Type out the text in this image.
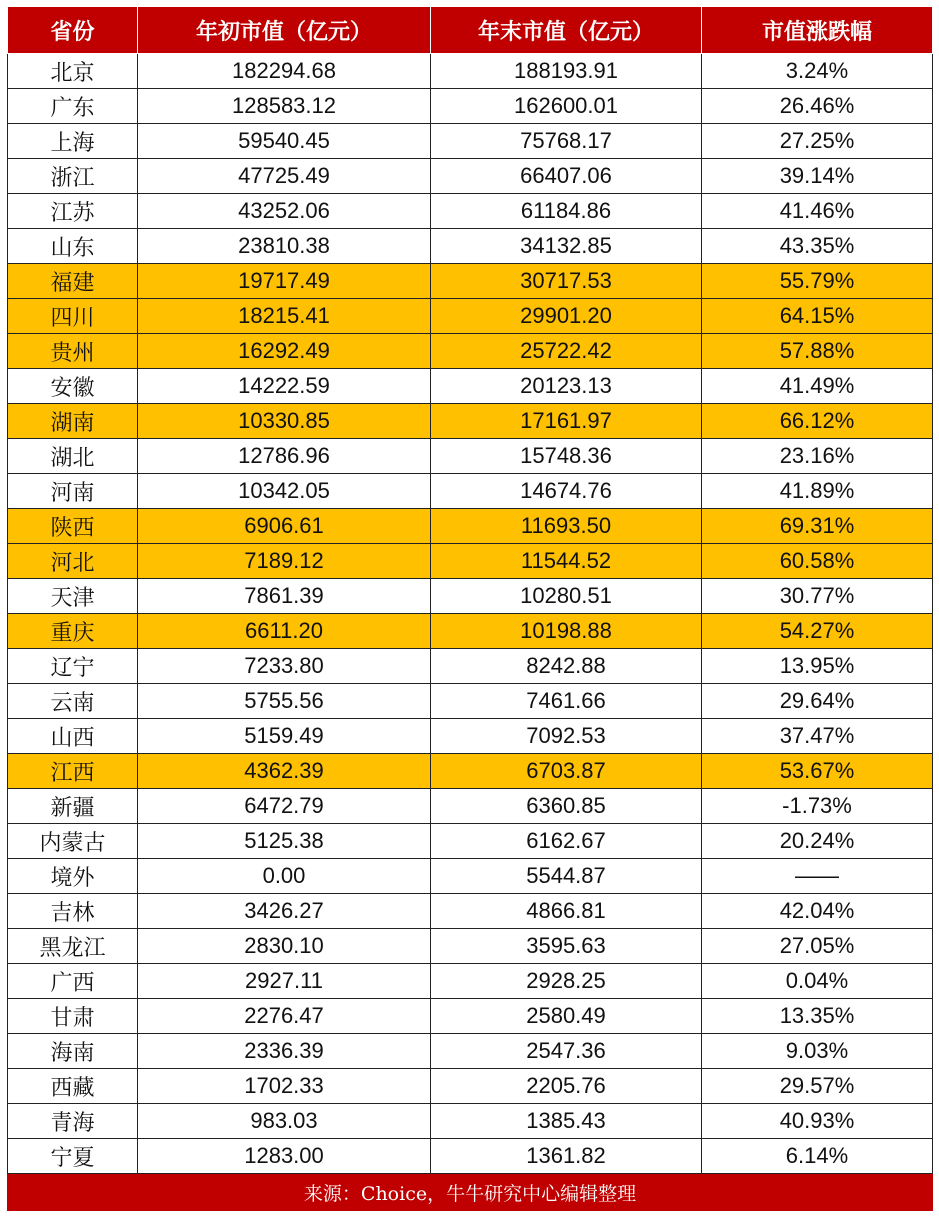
省份	年初市值（亿元）	年末市值（亿元）	市值涨跌幅
北京	182294.68	188193.91	3.24%
广东	128583.12	162600.01	26.46%
上海	59540.45	75768.17	27.25%
浙江	47725.49	66407.06	39.14%
江苏	43252.06	61184.86	41.46%
山东	23810.38	34132.85	43.35%
福建	19717.49	30717.53	55.79%
四川	18215.41	29901.20	64.15%
贵州	16292.49	25722.42	57.88%
安徽	14222.59	20123.13	41.49%
湖南	10330.85	17161.97	66.12%
湖北	12786.96	15748.36	23.16%
河南	10342.05	14674.76	41.89%
陕西	6906.61	11693.50	69.31%
河北	7189.12	11544.52	60.58%
天津	7861.39	10280.51	30.77%
重庆	6611.20	10198.88	54.27%
辽宁	7233.80	8242.88	13.95%
云南	5755.56	7461.66	29.64%
山西	5159.49	7092.53	37.47%
江西	4362.39	6703.87	53.67%
新疆	6472.79	6360.85	-1.73%
内蒙古	5125.38	6162.67	20.24%
境外	0.00	5544.87	——
吉林	3426.27	4866.81	42.04%
黑龙江	2830.10	3595.63	27.05%
广西	2927.11	2928.25	0.04%
甘肃	2276.47	2580.49	13.35%
海南	2336.39	2547.36	9.03%
西藏	1702.33	2205.76	29.57%
青海	983.03	1385.43	40.93%
宁夏	1283.00	1361.82	6.14%
来源：Choice，牛牛研究中心编辑整理			
